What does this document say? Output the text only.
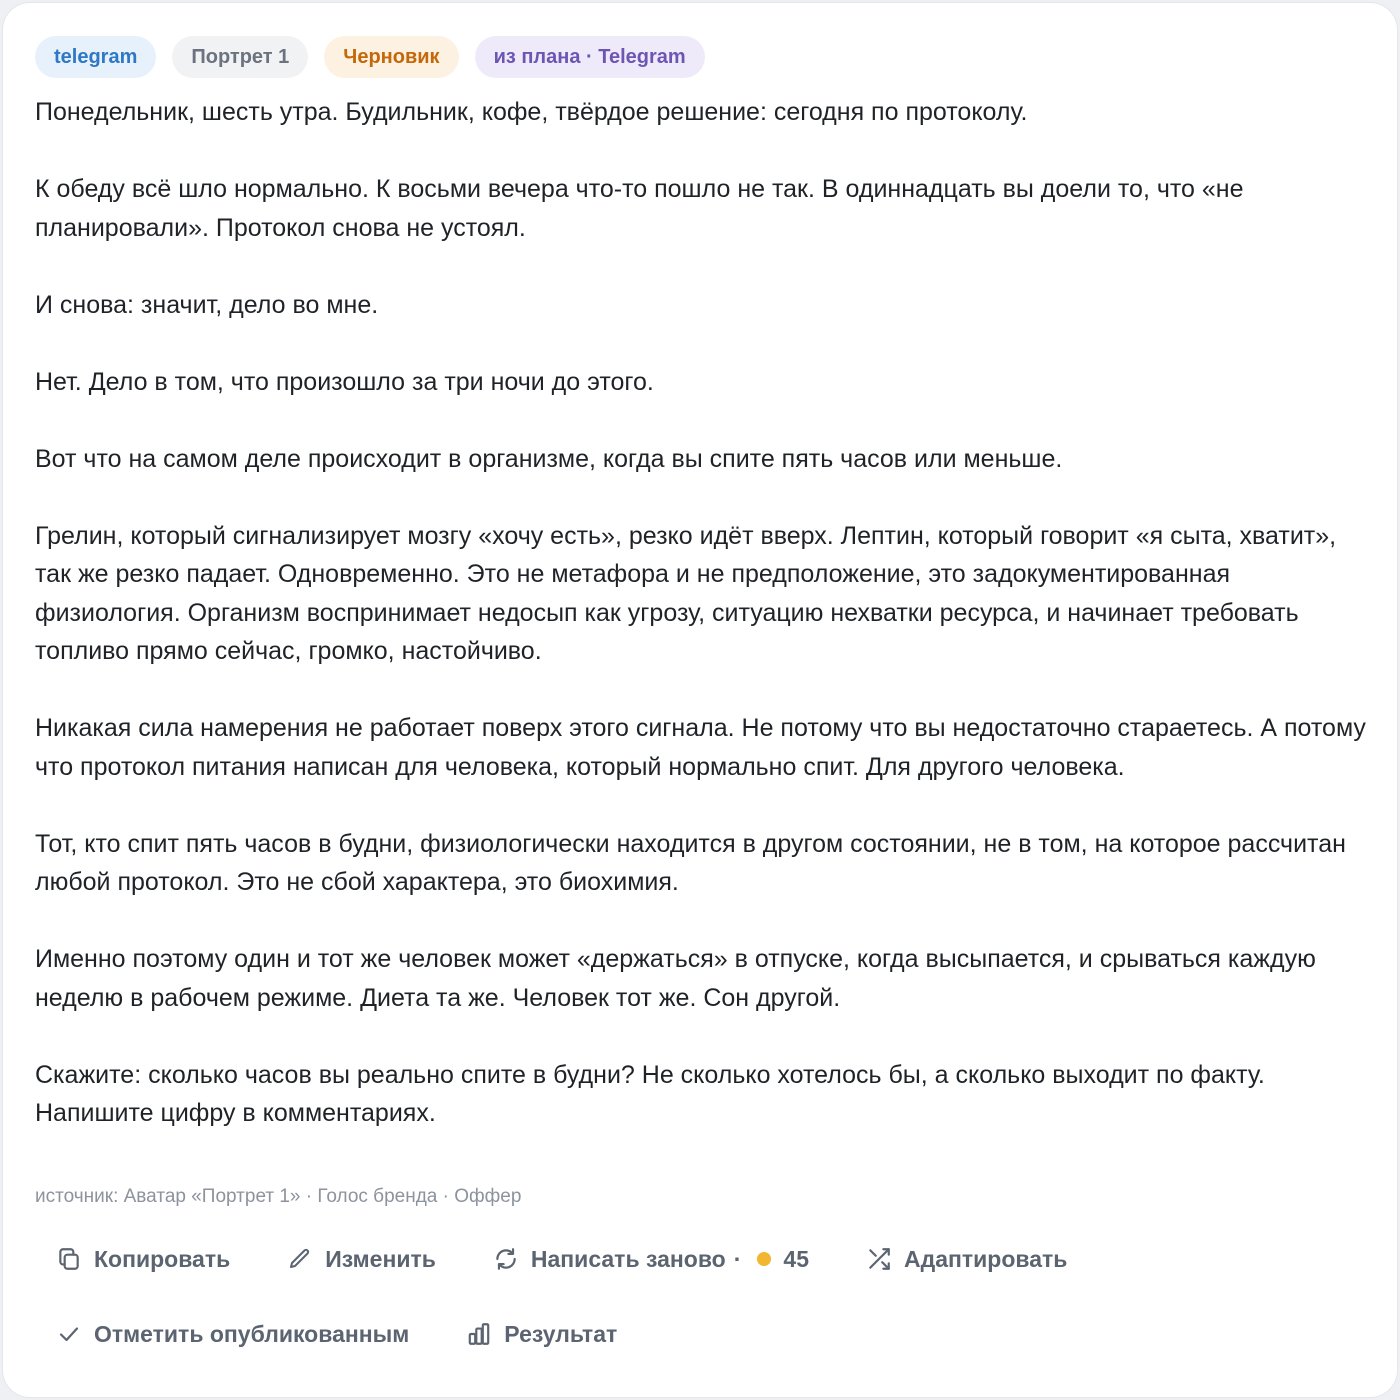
telegram	Портрет 1	Черновик	из плана · Telegram

Понедельник, шесть утра. Будильник, кофе, твёрдое решение: сегодня по протоколу.

К обеду всё шло нормально. К восьми вечера что-то пошло не так. В одиннадцать вы доели то, что «не планировали». Протокол снова не устоял.

И снова: значит, дело во мне.

Нет. Дело в том, что произошло за три ночи до этого.

Вот что на самом деле происходит в организме, когда вы спите пять часов или меньше.

Грелин, который сигнализирует мозгу «хочу есть», резко идёт вверх. Лептин, который говорит «я сыта, хватит», так же резко падает. Одновременно. Это не метафора и не предположение, это задокументированная физиология. Организм воспринимает недосып как угрозу, ситуацию нехватки ресурса, и начинает требовать топливо прямо сейчас, громко, настойчиво.

Никакая сила намерения не работает поверх этого сигнала. Не потому что вы недостаточно стараетесь. А потому что протокол питания написан для человека, который нормально спит. Для другого человека.

Тот, кто спит пять часов в будни, физиологически находится в другом состоянии, не в том, на которое рассчитан любой протокол. Это не сбой характера, это биохимия.

Именно поэтому один и тот же человек может «держаться» в отпуске, когда высыпается, и срываться каждую неделю в рабочем режиме. Диета та же. Человек тот же. Сон другой.

Скажите: сколько часов вы реально спите в будни? Не сколько хотелось бы, а сколько выходит по факту. Напишите цифру в комментариях.

источник: Аватар «Портрет 1» · Голос бренда · Оффер
Копировать	Изменить	Написать заново · 45	Адаптировать
Отметить опубликованным	Результат
